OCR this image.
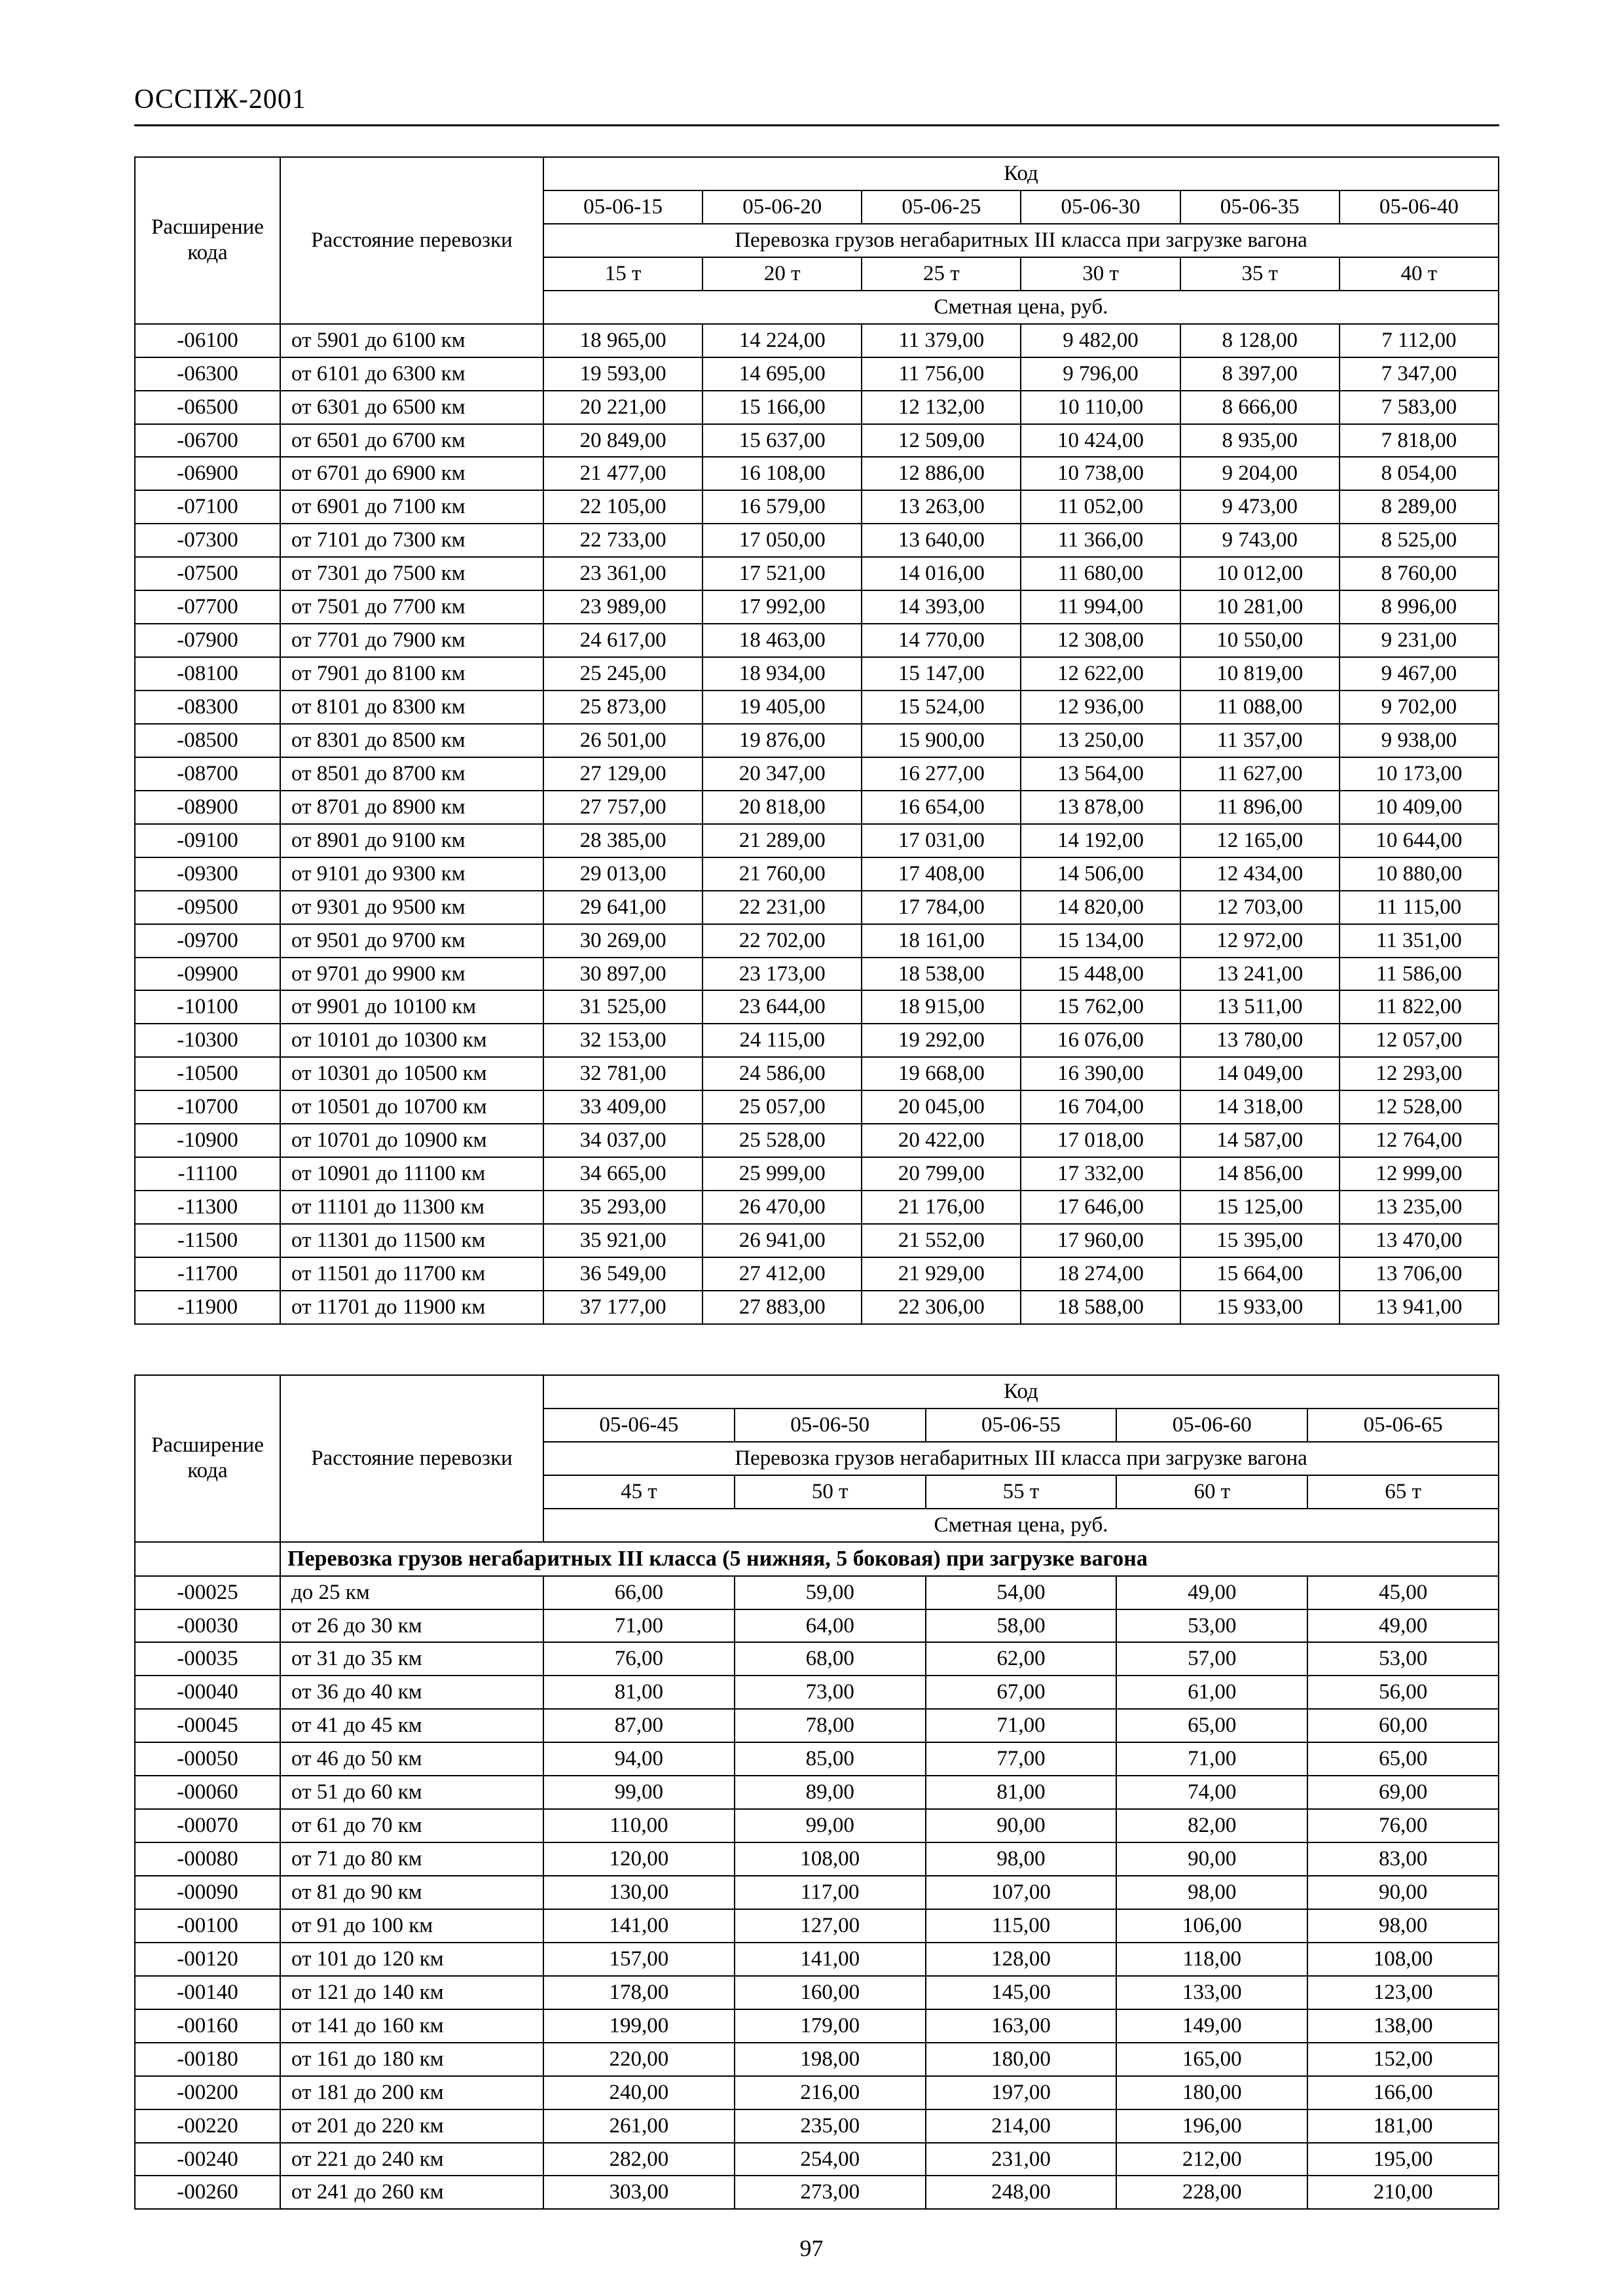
ОССПЖ-2001
Расширение кода	Расстояние перевозки	Код					
		05-06-15	05-06-20	05-06-25	05-06-30	05-06-35	05-06-40
		Перевозка грузов негабаритных III класса при загрузке вагона					
		15 т	20 т	25 т	30 т	35 т	40 т
		Сметная цена, руб.					
-06100	от 5901 до 6100 км	18 965,00	14 224,00	11 379,00	9 482,00	8 128,00	7 112,00
-06300	от 6101 до 6300 км	19 593,00	14 695,00	11 756,00	9 796,00	8 397,00	7 347,00
-06500	от 6301 до 6500 км	20 221,00	15 166,00	12 132,00	10 110,00	8 666,00	7 583,00
-06700	от 6501 до 6700 км	20 849,00	15 637,00	12 509,00	10 424,00	8 935,00	7 818,00
-06900	от 6701 до 6900 км	21 477,00	16 108,00	12 886,00	10 738,00	9 204,00	8 054,00
-07100	от 6901 до 7100 км	22 105,00	16 579,00	13 263,00	11 052,00	9 473,00	8 289,00
-07300	от 7101 до 7300 км	22 733,00	17 050,00	13 640,00	11 366,00	9 743,00	8 525,00
-07500	от 7301 до 7500 км	23 361,00	17 521,00	14 016,00	11 680,00	10 012,00	8 760,00
-07700	от 7501 до 7700 км	23 989,00	17 992,00	14 393,00	11 994,00	10 281,00	8 996,00
-07900	от 7701 до 7900 км	24 617,00	18 463,00	14 770,00	12 308,00	10 550,00	9 231,00
-08100	от 7901 до 8100 км	25 245,00	18 934,00	15 147,00	12 622,00	10 819,00	9 467,00
-08300	от 8101 до 8300 км	25 873,00	19 405,00	15 524,00	12 936,00	11 088,00	9 702,00
-08500	от 8301 до 8500 км	26 501,00	19 876,00	15 900,00	13 250,00	11 357,00	9 938,00
-08700	от 8501 до 8700 км	27 129,00	20 347,00	16 277,00	13 564,00	11 627,00	10 173,00
-08900	от 8701 до 8900 км	27 757,00	20 818,00	16 654,00	13 878,00	11 896,00	10 409,00
-09100	от 8901 до 9100 км	28 385,00	21 289,00	17 031,00	14 192,00	12 165,00	10 644,00
-09300	от 9101 до 9300 км	29 013,00	21 760,00	17 408,00	14 506,00	12 434,00	10 880,00
-09500	от 9301 до 9500 км	29 641,00	22 231,00	17 784,00	14 820,00	12 703,00	11 115,00
-09700	от 9501 до 9700 км	30 269,00	22 702,00	18 161,00	15 134,00	12 972,00	11 351,00
-09900	от 9701 до 9900 км	30 897,00	23 173,00	18 538,00	15 448,00	13 241,00	11 586,00
-10100	от 9901 до 10100 км	31 525,00	23 644,00	18 915,00	15 762,00	13 511,00	11 822,00
-10300	от 10101 до 10300 км	32 153,00	24 115,00	19 292,00	16 076,00	13 780,00	12 057,00
-10500	от 10301 до 10500 км	32 781,00	24 586,00	19 668,00	16 390,00	14 049,00	12 293,00
-10700	от 10501 до 10700 км	33 409,00	25 057,00	20 045,00	16 704,00	14 318,00	12 528,00
-10900	от 10701 до 10900 км	34 037,00	25 528,00	20 422,00	17 018,00	14 587,00	12 764,00
-11100	от 10901 до 11100 км	34 665,00	25 999,00	20 799,00	17 332,00	14 856,00	12 999,00
-11300	от 11101 до 11300 км	35 293,00	26 470,00	21 176,00	17 646,00	15 125,00	13 235,00
-11500	от 11301 до 11500 км	35 921,00	26 941,00	21 552,00	17 960,00	15 395,00	13 470,00
-11700	от 11501 до 11700 км	36 549,00	27 412,00	21 929,00	18 274,00	15 664,00	13 706,00
-11900	от 11701 до 11900 км	37 177,00	27 883,00	22 306,00	18 588,00	15 933,00	13 941,00
Расширение кода	Расстояние перевозки	Код				
		05-06-45	05-06-50	05-06-55	05-06-60	05-06-65
		Перевозка грузов негабаритных III класса при загрузке вагона				
		45 т	50 т	55 т	60 т	65 т
		Сметная цена, руб.				
	Перевозка грузов негабаритных III класса (5 нижняя, 5 боковая) при загрузке вагона					
-00025	до 25 км	66,00	59,00	54,00	49,00	45,00
-00030	от 26 до 30 км	71,00	64,00	58,00	53,00	49,00
-00035	от 31 до 35 км	76,00	68,00	62,00	57,00	53,00
-00040	от 36 до 40 км	81,00	73,00	67,00	61,00	56,00
-00045	от 41 до 45 км	87,00	78,00	71,00	65,00	60,00
-00050	от 46 до 50 км	94,00	85,00	77,00	71,00	65,00
-00060	от 51 до 60 км	99,00	89,00	81,00	74,00	69,00
-00070	от 61 до 70 км	110,00	99,00	90,00	82,00	76,00
-00080	от 71 до 80 км	120,00	108,00	98,00	90,00	83,00
-00090	от 81 до 90 км	130,00	117,00	107,00	98,00	90,00
-00100	от 91 до 100 км	141,00	127,00	115,00	106,00	98,00
-00120	от 101 до 120 км	157,00	141,00	128,00	118,00	108,00
-00140	от 121 до 140 км	178,00	160,00	145,00	133,00	123,00
-00160	от 141 до 160 км	199,00	179,00	163,00	149,00	138,00
-00180	от 161 до 180 км	220,00	198,00	180,00	165,00	152,00
-00200	от 181 до 200 км	240,00	216,00	197,00	180,00	166,00
-00220	от 201 до 220 км	261,00	235,00	214,00	196,00	181,00
-00240	от 221 до 240 км	282,00	254,00	231,00	212,00	195,00
-00260	от 241 до 260 км	303,00	273,00	248,00	228,00	210,00
97
